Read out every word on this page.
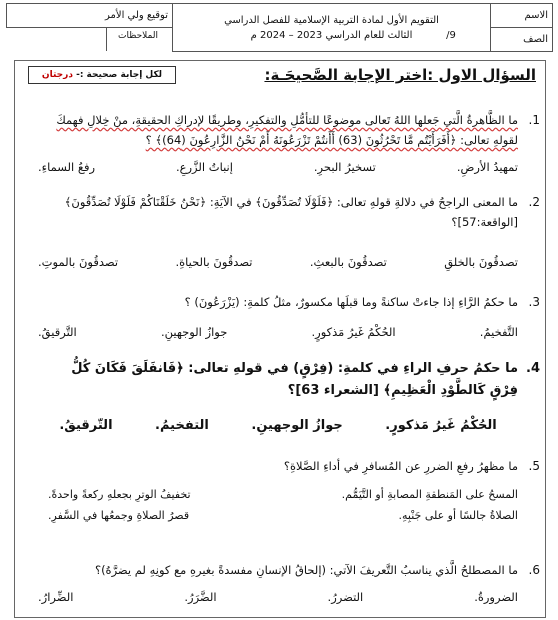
الاسم	
التقويم الأول لمادة التربية الإسلامية للفصل الدراسي
الثالث للعام الدراسي 2023 – 2024 م
	توقيع ولي الأمر
الصف
/9
الملاحظات
لكل إجابة صحيحة :- درجتان	السؤال الاول :اختر الإجابة الصَّحيحَـة:
1.
ما الظَّاهرةُ الَّتي جَعلها اللهُ تَعالى موضوعًا للتأمُّلِ والتفكيرِ، وطريقًا لإدراكِ الحقيقةِ، منْ خِلالِ فهمكَ لقولهِ تعالى: ﴿أَفَرَأَيْتُم مَّا تَحْرُثُونَ (63) أَأَنتُمْ تَزْرَعُونَهُ أَمْ نَحْنُ الزَّارِعُونَ (64)﴾ ؟
تمهيدُ الأرضِ.
تسخيرُ البحرِ.
إنباتُ الزَّرعِ.
رفعُ السماءِ.
2.
ما المعنى الراجحُ في دلالةِ قولهِ تعالى: ﴿فَلَوْلَا تُصَدِّقُونَ﴾ في الآيَةِ: ﴿نَحْنُ خَلَقْنَاكُمْ فَلَوْلَا تُصَدِّقُونَ﴾ [الواقعة:57]؟
تصدقُونَ بالخلقِ
تصدقُونَ بالبعثِ.
تصدقُونَ بالحياةِ.
تصدقُونَ بالموتِ.
3.
ما حكمُ الرَّاءِ إذا جاءتْ ساكنةً وما قبلَها مكسورٌ، مثلُ كلمةِ: (يَزْرَعُونَ) ؟
التَّفخيمُ.
الحُكْمُ غَيرُ مَذكورٍ.
جوازُ الوجهينِ.
التَّرقيقُ.
4.
ما حكمُ حرفِ الراءِ في كلمةِ: (فِرْقٍ) في قولهِ تعالى: ﴿فَانفَلَقَ فَكَانَ كُلُّ فِرْقٍ كَالطَّوْدِ الْعَظِيمِ﴾ [الشعراء 63]؟
الحُكْمُ غَيرُ مَذكورٍ.
جوازُ الوجهينِ.
التفخيمُ.
التّرقيقُ.
5.
ما مظهرُ رفعِ الضررِ عن المُسافرِ في أداءِ الصَّلاةِ؟
المسحُ على المَنطقةِ المصابةِ أو التَّيَمُّم.
تخفيفُ الوترِ بجعلهِ ركعةً واحدةً.
الصلاةُ جالسًا أو على جَنْبِهِ.
قصرُ الصلاةِ وجمعُها في السَّفرِ.
6.
ما المصطلحُ الَّذي يناسبُ التَّعريفَ الآتي: (إلحاقُ الإنسانِ مفسدةً بغيرهِ مع كونِهِ لم يضرَّهُ)؟
الضرورةُ.
التضررُ.
الضَّرَرُ.
الضِّرارُ.
